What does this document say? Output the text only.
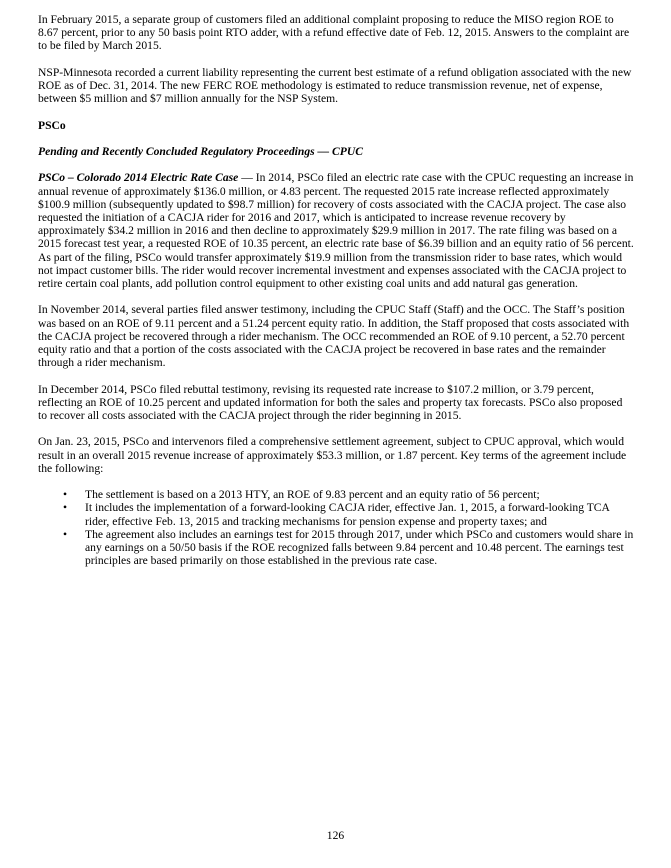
In February 2015, a separate group of customers filed an additional complaint proposing to reduce the MISO region ROE to 8.67 percent, prior to any 50 basis point RTO adder, with a refund effective date of Feb. 12, 2015. Answers to the complaint are to be filed by March 2015.

NSP-Minnesota recorded a current liability representing the current best estimate of a refund obligation associated with the new ROE as of Dec. 31, 2014. The new FERC ROE methodology is estimated to reduce transmission revenue, net of expense, between $5 million and $7 million annually for the NSP System.

PSCo

Pending and Recently Concluded Regulatory Proceedings — CPUC

PSCo – Colorado 2014 Electric Rate Case — In 2014, PSCo filed an electric rate case with the CPUC requesting an increase in annual revenue of approximately $136.0 million, or 4.83 percent. The requested 2015 rate increase reflected approximately $100.9 million (subsequently updated to $98.7 million) for recovery of costs associated with the CACJA project. The case also requested the initiation of a CACJA rider for 2016 and 2017, which is anticipated to increase revenue recovery by approximately $34.2 million in 2016 and then decline to approximately $29.9 million in 2017. The rate filing was based on a 2015 forecast test year, a requested ROE of 10.35 percent, an electric rate base of $6.39 billion and an equity ratio of 56 percent. As part of the filing, PSCo would transfer approximately $19.9 million from the transmission rider to base rates, which would not impact customer bills. The rider would recover incremental investment and expenses associated with the CACJA project to retire certain coal plants, add pollution control equipment to other existing coal units and add natural gas generation.

In November 2014, several parties filed answer testimony, including the CPUC Staff (Staff) and the OCC. The Staff’s position was based on an ROE of 9.11 percent and a 51.24 percent equity ratio. In addition, the Staff proposed that costs associated with the CACJA project be recovered through a rider mechanism. The OCC recommended an ROE of 9.10 percent, a 52.70 percent equity ratio and that a portion of the costs associated with the CACJA project be recovered in base rates and the remainder through a rider mechanism.

In December 2014, PSCo filed rebuttal testimony, revising its requested rate increase to $107.2 million, or 3.79 percent, reflecting an ROE of 10.25 percent and updated information for both the sales and property tax forecasts. PSCo also proposed to recover all costs associated with the CACJA project through the rider beginning in 2015.

On Jan. 23, 2015, PSCo and intervenors filed a comprehensive settlement agreement, subject to CPUC approval, which would result in an overall 2015 revenue increase of approximately $53.3 million, or 1.87 percent. Key terms of the agreement include the following:

•	The settlement is based on a 2013 HTY, an ROE of 9.83 percent and an equity ratio of 56 percent;
•	It includes the implementation of a forward-looking CACJA rider, effective Jan. 1, 2015, a forward-looking TCA rider, effective Feb. 13, 2015 and tracking mechanisms for pension expense and property taxes; and
•	The agreement also includes an earnings test for 2015 through 2017, under which PSCo and customers would share in any earnings on a 50/50 basis if the ROE recognized falls between 9.84 percent and 10.48 percent. The earnings test principles are based primarily on those established in the previous rate case.
126
